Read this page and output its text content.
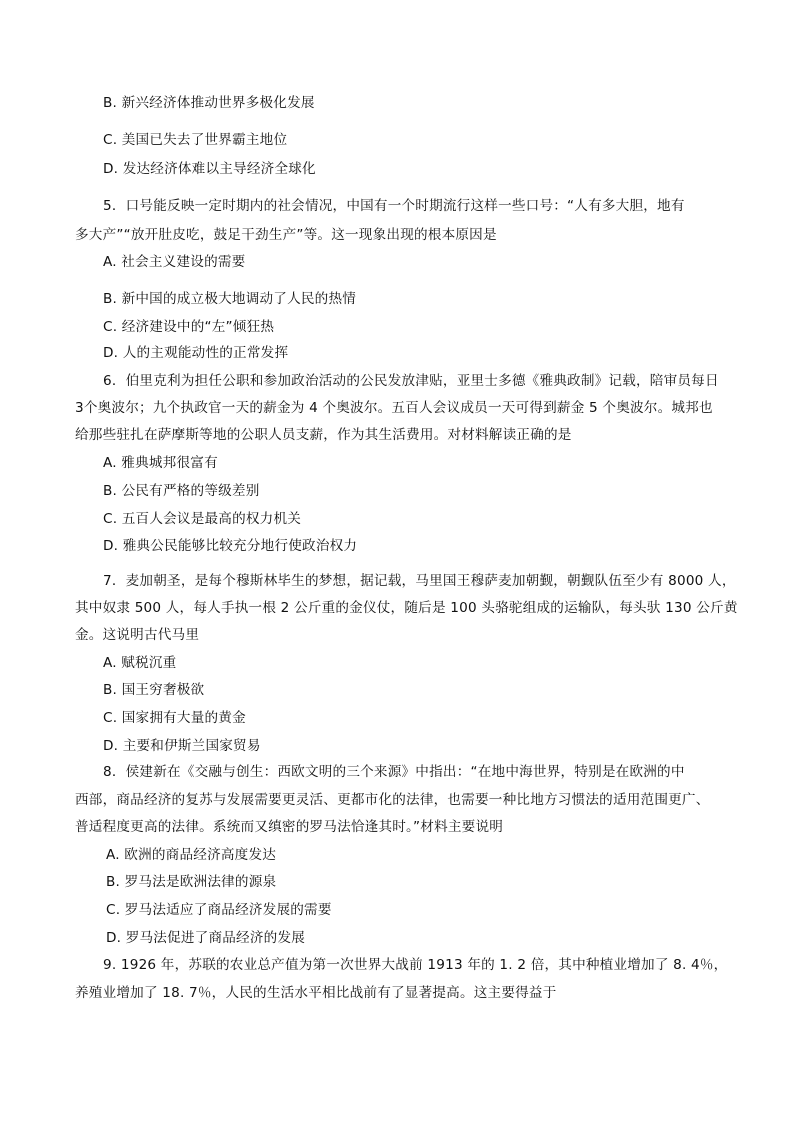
B. 新兴经济体推动世界多极化发展
C. 美国已失去了世界霸主地位
D. 发达经济体难以主导经济全球化
5．口号能反映一定时期内的社会情况，中国有一个时期流行这样一些口号：“人有多大胆，地有
多大产”“放开肚皮吃，鼓足干劲生产”等。这一现象出现的根本原因是
A. 社会主义建设的需要
B. 新中国的成立极大地调动了人民的热情
C. 经济建设中的“左”倾狂热
D. 人的主观能动性的正常发挥
6．伯里克利为担任公职和参加政治活动的公民发放津贴，亚里士多德《雅典政制》记载，陪审员每日
3个奥波尔；九个执政官一天的薪金为 4 个奥波尔。五百人会议成员一天可得到薪金 5 个奥波尔。城邦也
给那些驻扎在萨摩斯等地的公职人员支薪，作为其生活费用。对材料解读正确的是
A. 雅典城邦很富有
B. 公民有严格的等级差别
C. 五百人会议是最高的权力机关
D. 雅典公民能够比较充分地行使政治权力
7．麦加朝圣，是每个穆斯林毕生的梦想，据记载，马里国王穆萨麦加朝觐，朝觐队伍至少有 8000 人，
其中奴隶 500 人，每人手执一根 2 公斤重的金仪仗，随后是 100 头骆驼组成的运输队，每头驮 130 公斤黄
金。这说明古代马里
A. 赋税沉重
B. 国王穷奢极欲
C. 国家拥有大量的黄金
D. 主要和伊斯兰国家贸易
8．侯建新在《交融与创生：西欧文明的三个来源》中指出：“在地中海世界，特别是在欧洲的中
西部，商品经济的复苏与发展需要更灵活、更都市化的法律，也需要一种比地方习惯法的适用范围更广、
普适程度更高的法律。系统而又缜密的罗马法恰逢其时。”材料主要说明
A. 欧洲的商品经济高度发达
B. 罗马法是欧洲法律的源泉
C. 罗马法适应了商品经济发展的需要
D. 罗马法促进了商品经济的发展
9. 1926 年，苏联的农业总产值为第一次世界大战前 1913 年的 1. 2 倍，其中种植业增加了 8. 4％，
养殖业增加了 18. 7％，人民的生活水平相比战前有了显著提高。这主要得益于
